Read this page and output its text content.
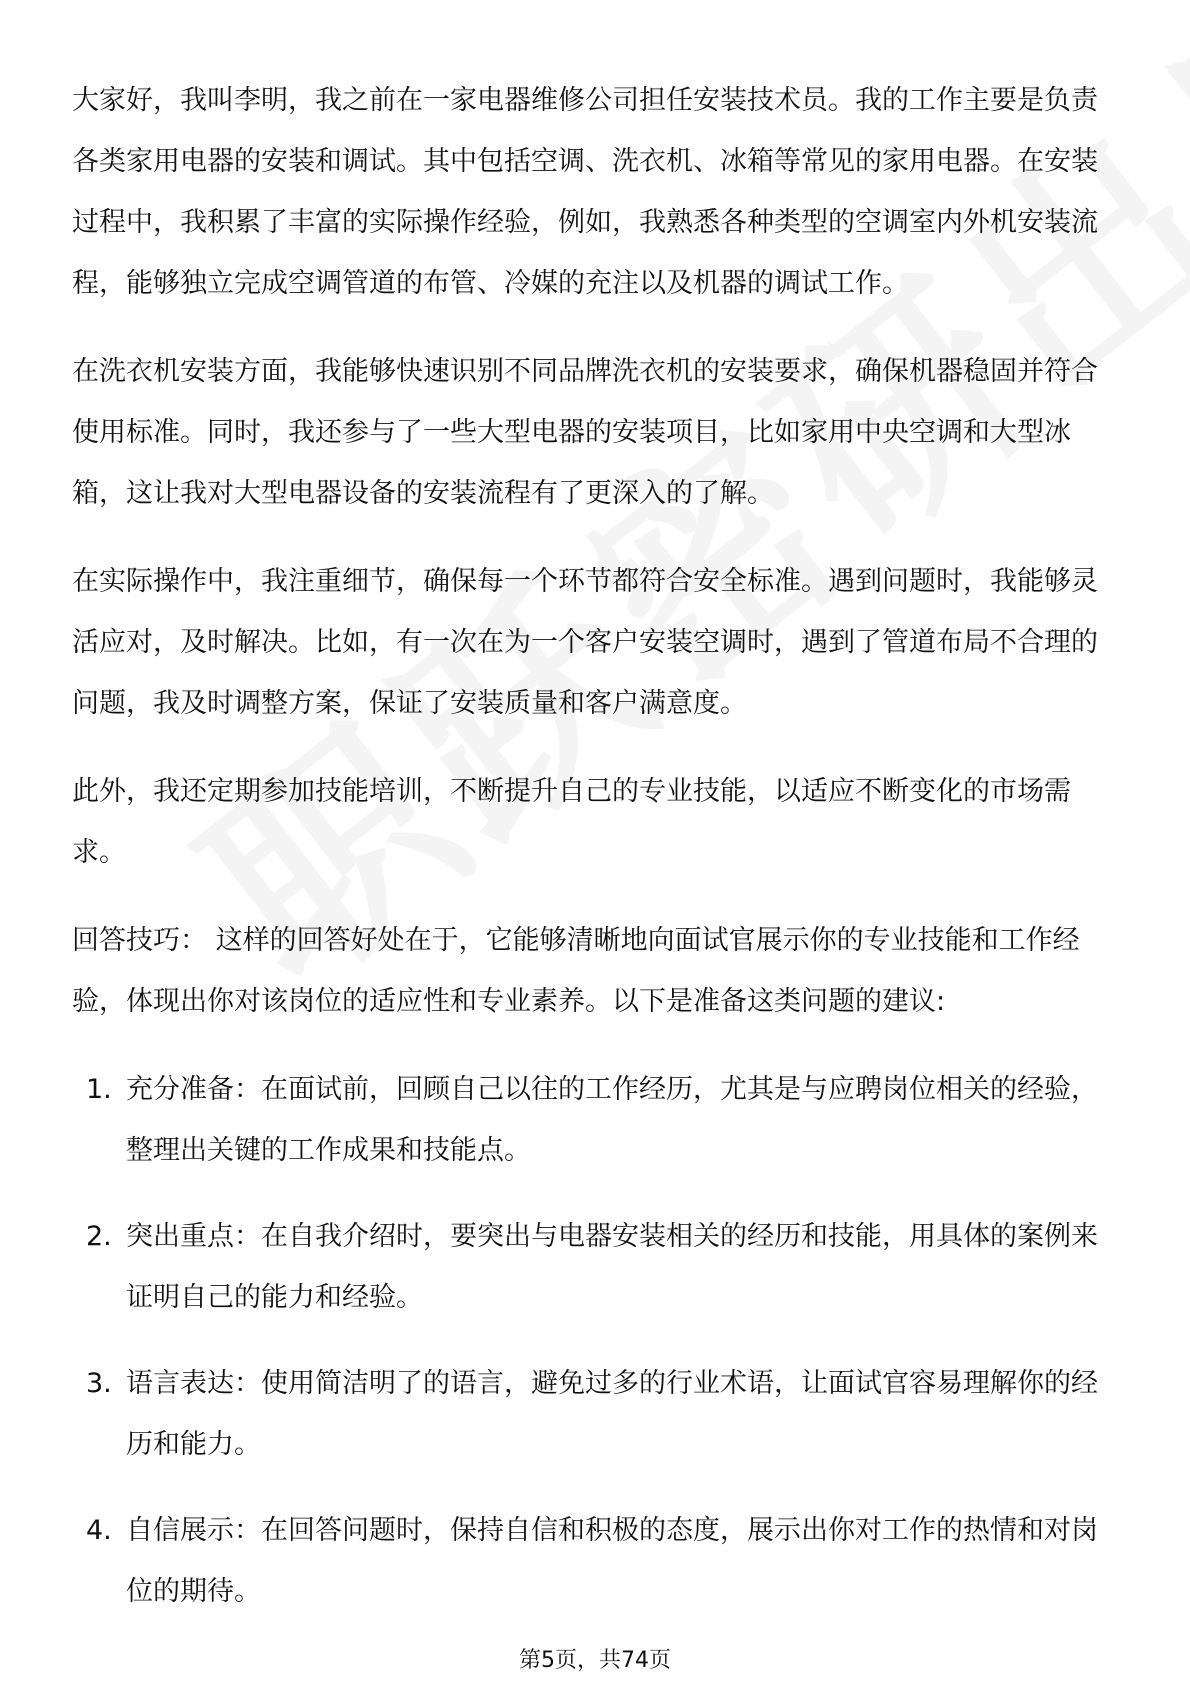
大家好，我叫李明，我之前在一家电器维修公司担任安装技术员。我的工作主要是负责各类家用电器的安装和调试。其中包括空调、洗衣机、冰箱等常见的家用电器。在安装过程中，我积累了丰富的实际操作经验，例如，我熟悉各种类型的空调室内外机安装流程，能够独立完成空调管道的布管、冷媒的充注以及机器的调试工作。

在洗衣机安装方面，我能够快速识别不同品牌洗衣机的安装要求，确保机器稳固并符合使用标准。同时，我还参与了一些大型电器的安装项目，比如家用中央空调和大型冰箱，这让我对大型电器设备的安装流程有了更深入的了解。

在实际操作中，我注重细节，确保每一个环节都符合安全标准。遇到问题时，我能够灵活应对，及时解决。比如，有一次在为一个客户安装空调时，遇到了管道布局不合理的问题，我及时调整方案，保证了安装质量和客户满意度。

此外，我还定期参加技能培训，不断提升自己的专业技能，以适应不断变化的市场需求。

回答技巧： 这样的回答好处在于，它能够清晰地向面试官展示你的专业技能和工作经验，体现出你对该岗位的适应性和专业素养。以下是准备这类问题的建议:

1. 充分准备：在面试前，回顾自己以往的工作经历，尤其是与应聘岗位相关的经验，整理出关键的工作成果和技能点。
2. 突出重点：在自我介绍时，要突出与电器安装相关的经历和技能，用具体的案例来证明自己的能力和经验。
3. 语言表达：使用简洁明了的语言，避免过多的行业术语，让面试官容易理解你的经历和能力。
4. 自信展示：在回答问题时，保持自信和积极的态度，展示出你对工作的热情和对岗位的期待。
第5页，共74页
